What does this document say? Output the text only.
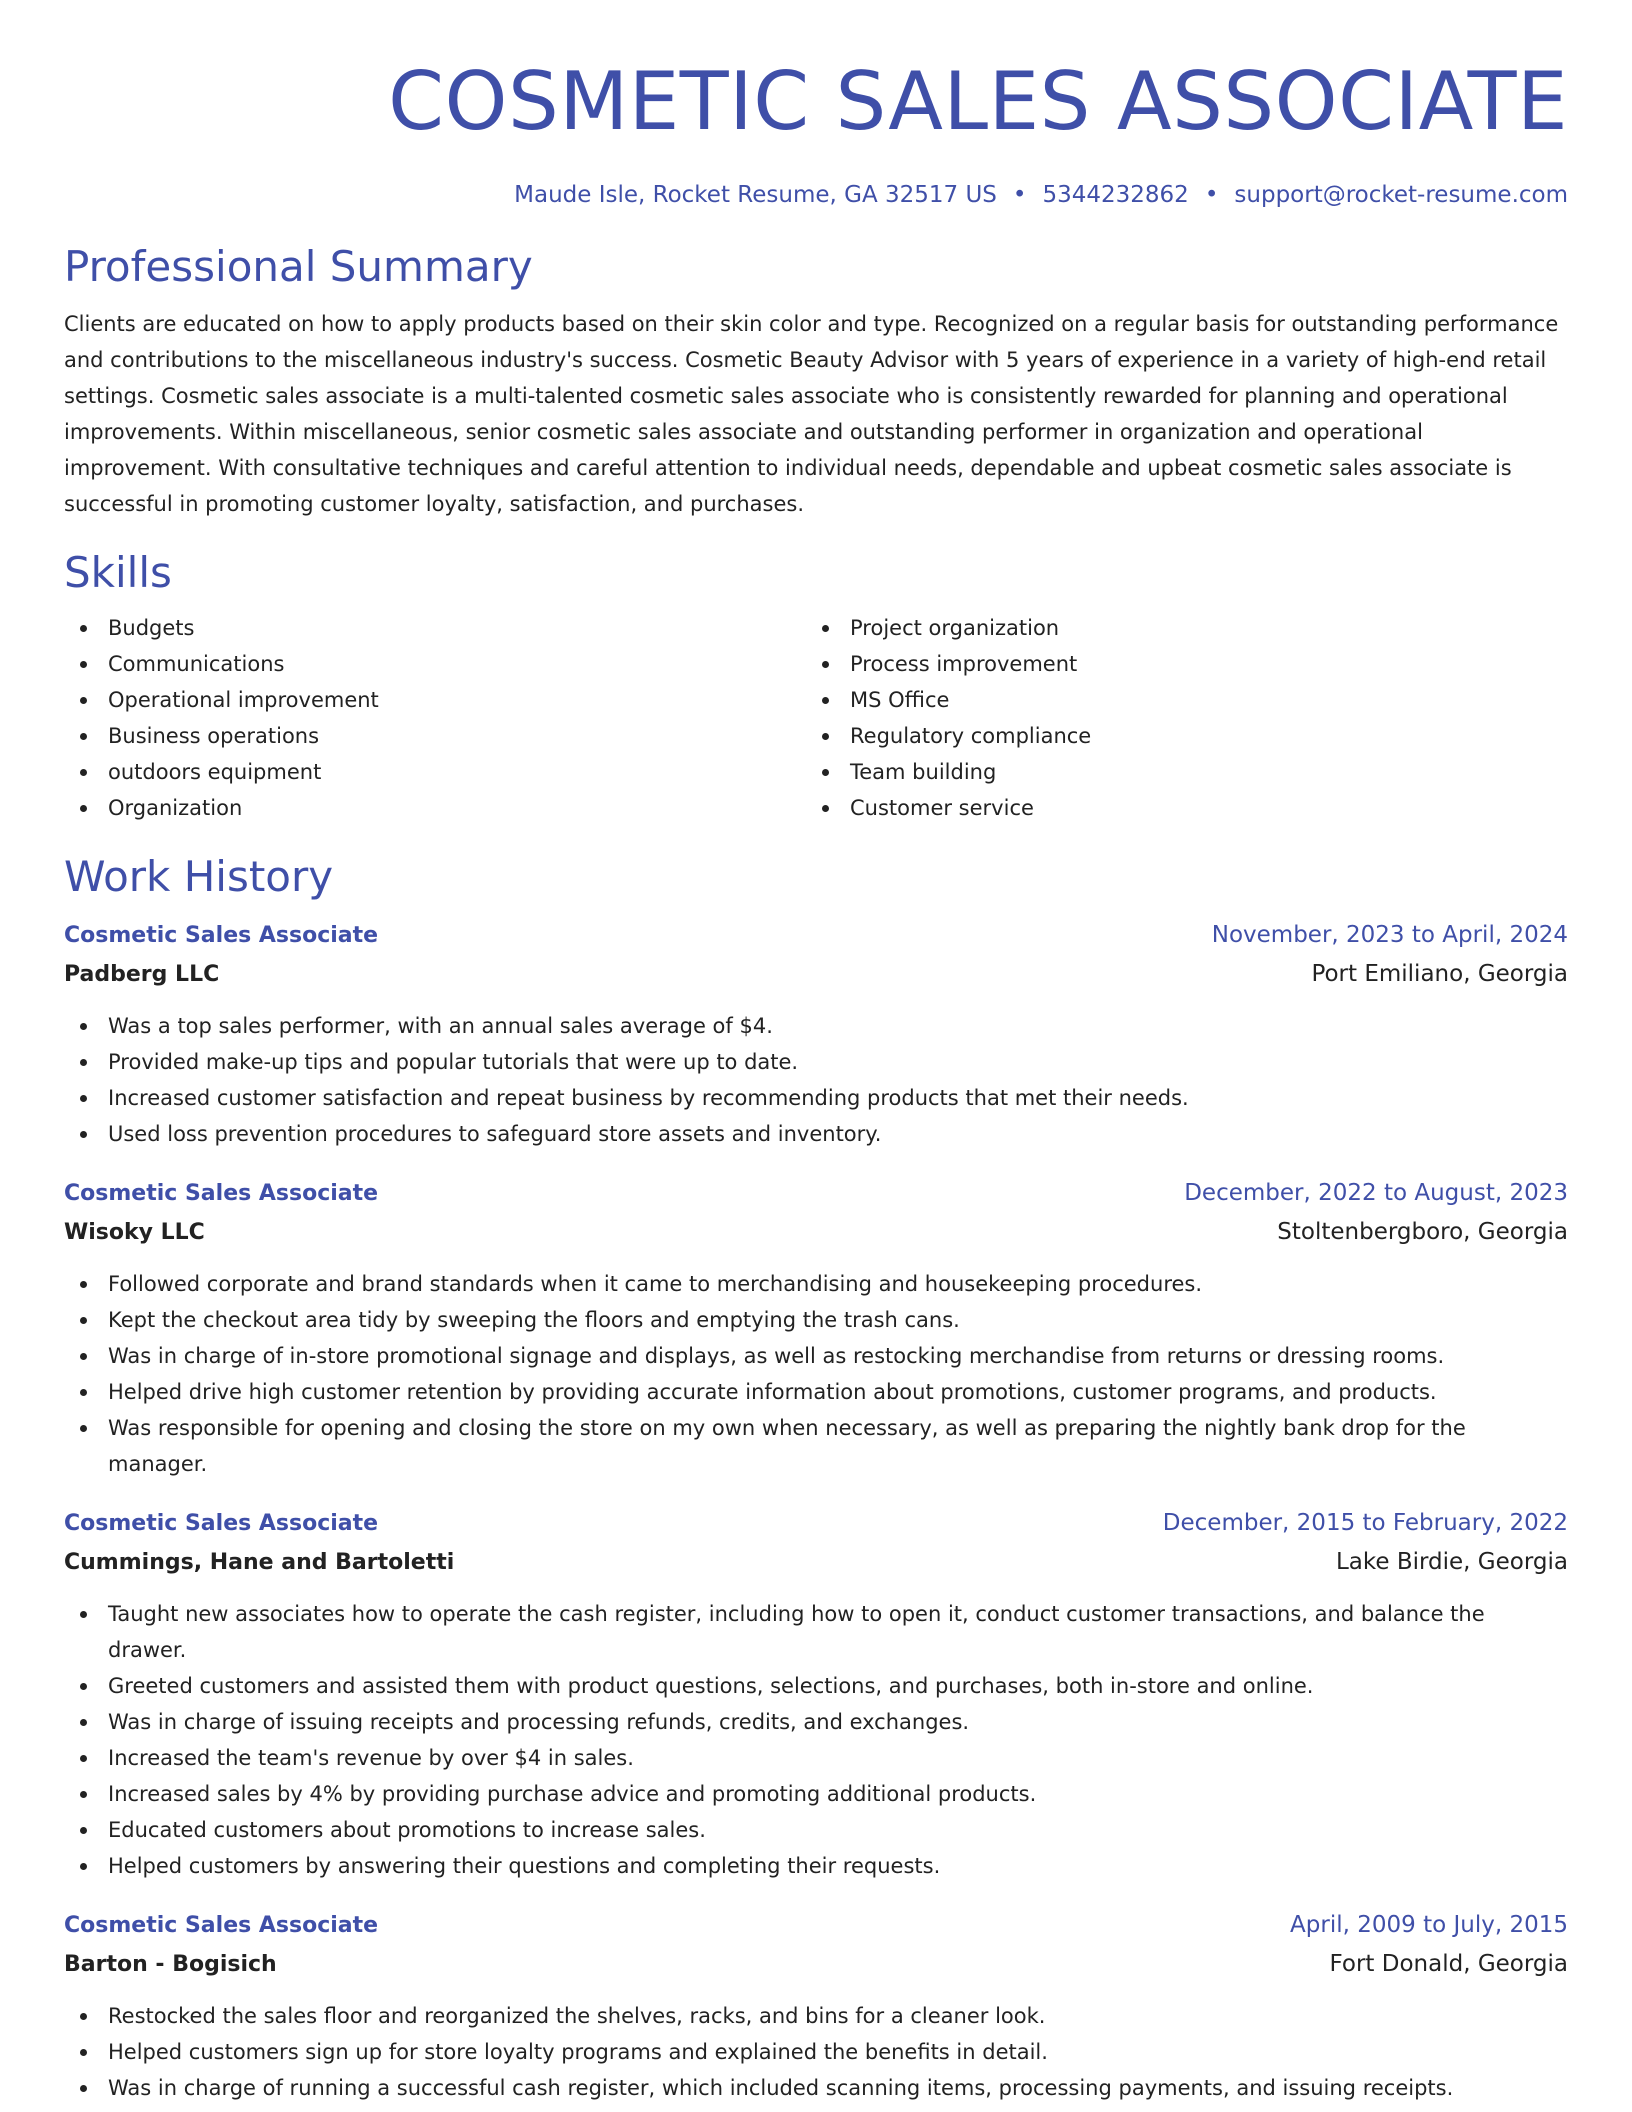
COSMETIC SALES ASSOCIATE
Maude Isle, Rocket Resume, GA 32517 US • 5344232862 • support@rocket-resume.com
Professional Summary
Clients are educated on how to apply products based on their skin color and type. Recognized on a regular basis for outstanding performance and contributions to the miscellaneous industry's success. Cosmetic Beauty Advisor with 5 years of experience in a variety of high-end retail settings. Cosmetic sales associate is a multi-talented cosmetic sales associate who is consistently rewarded for planning and operational improvements. Within miscellaneous, senior cosmetic sales associate and outstanding performer in organization and operational improvement. With consultative techniques and careful attention to individual needs, dependable and upbeat cosmetic sales associate is successful in promoting customer loyalty, satisfaction, and purchases.
Skills
Budgets
Communications
Operational improvement
Business operations
outdoors equipment
Organization
Project organization
Process improvement
MS Office
Regulatory compliance
Team building
Customer service
Work History
Cosmetic Sales Associate	November, 2023 to April, 2024
Padberg LLC	Port Emiliano, Georgia
Was a top sales performer, with an annual sales average of $4.
Provided make-up tips and popular tutorials that were up to date.
Increased customer satisfaction and repeat business by recommending products that met their needs.
Used loss prevention procedures to safeguard store assets and inventory.
Cosmetic Sales Associate	December, 2022 to August, 2023
Wisoky LLC	Stoltenbergboro, Georgia
Followed corporate and brand standards when it came to merchandising and housekeeping procedures.
Kept the checkout area tidy by sweeping the floors and emptying the trash cans.
Was in charge of in-store promotional signage and displays, as well as restocking merchandise from returns or dressing rooms.
Helped drive high customer retention by providing accurate information about promotions, customer programs, and products.
Was responsible for opening and closing the store on my own when necessary, as well as preparing the nightly bank drop for the manager.
Cosmetic Sales Associate	December, 2015 to February, 2022
Cummings, Hane and Bartoletti	Lake Birdie, Georgia
Taught new associates how to operate the cash register, including how to open it, conduct customer transactions, and balance the drawer.
Greeted customers and assisted them with product questions, selections, and purchases, both in-store and online.
Was in charge of issuing receipts and processing refunds, credits, and exchanges.
Increased the team's revenue by over $4 in sales.
Increased sales by 4% by providing purchase advice and promoting additional products.
Educated customers about promotions to increase sales.
Helped customers by answering their questions and completing their requests.
Cosmetic Sales Associate	April, 2009 to July, 2015
Barton - Bogisich	Fort Donald, Georgia
Restocked the sales floor and reorganized the shelves, racks, and bins for a cleaner look.
Helped customers sign up for store loyalty programs and explained the benefits in detail.
Was in charge of running a successful cash register, which included scanning items, processing payments, and issuing receipts.
